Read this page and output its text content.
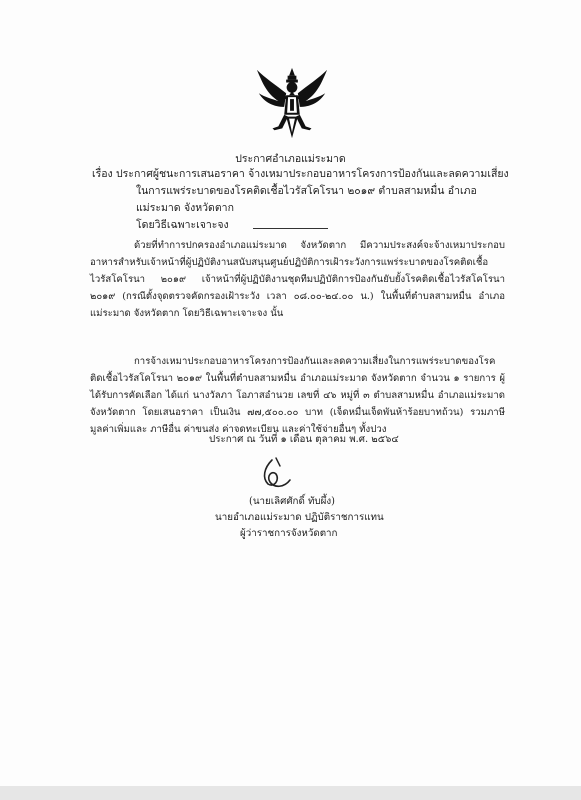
ประกาศอำเภอแม่ระมาด
เรื่อง ประกาศผู้ชนะการเสนอราคา จ้างเหมาประกอบอาหารโครงการป้องกันและลดความเสี่ยง
ในการแพร่ระบาดของโรคติดเชื้อไวรัสโคโรนา ๒๐๑๙ ตำบลสามหมื่น อำเภอแม่ระมาด จังหวัดตาก
โดยวิธีเฉพาะเจาะจง

ด้วยที่ทำการปกครองอำเภอแม่ระมาด จังหวัดตาก มีความประสงค์จะจ้างเหมาประกอบอาหารสำหรับเจ้าหน้าที่ผู้ปฏิบัติงานสนับสนุนศูนย์ปฏิบัติการเฝ้าระวังการแพร่ระบาดของโรคติดเชื้อไวรัสโคโรนา ๒๐๑๙ เจ้าหน้าที่ผู้ปฏิบัติงานชุดทีมปฏิบัติการป้องกันยับยั้งโรคติดเชื้อไวรัสโคโรนา ๒๐๑๙ (กรณีตั้งจุดตรวจคัดกรองเฝ้าระวัง เวลา ๐๘.๐๐-๒๔.๐๐ น.) ในพื้นที่ตำบลสามหมื่น อำเภอแม่ระมาด จังหวัดตาก โดยวิธีเฉพาะเจาะจง นั้น

การจ้างเหมาประกอบอาหารโครงการป้องกันและลดความเสี่ยงในการแพร่ระบาดของโรคติดเชื้อไวรัสโคโรนา ๒๐๑๙ ในพื้นที่ตำบลสามหมื่น อำเภอแม่ระมาด จังหวัดตาก จำนวน ๑ รายการ ผู้ได้รับการคัดเลือก ได้แก่ นางวัลภา โอภาสอำนวย เลขที่ ๔๖ หมู่ที่ ๓ ตำบลสามหมื่น อำเภอแม่ระมาด จังหวัดตาก โดยเสนอราคา เป็นเงิน ๗๗,๕๐๐.๐๐ บาท (เจ็ดหมื่นเจ็ดพันห้าร้อยบาทถ้วน) รวมภาษีมูลค่าเพิ่มและ ภาษีอื่น ค่าขนส่ง ค่าจดทะเบียน และค่าใช้จ่ายอื่นๆ ทั้งปวง

ประกาศ ณ วันที่ ๑ เดือน ตุลาคม พ.ศ. ๒๕๖๔
(นายเลิศศักดิ์ ทับผึ้ง)
นายอำเภอแม่ระมาด ปฏิบัติราชการแทน
ผู้ว่าราชการจังหวัดตาก
